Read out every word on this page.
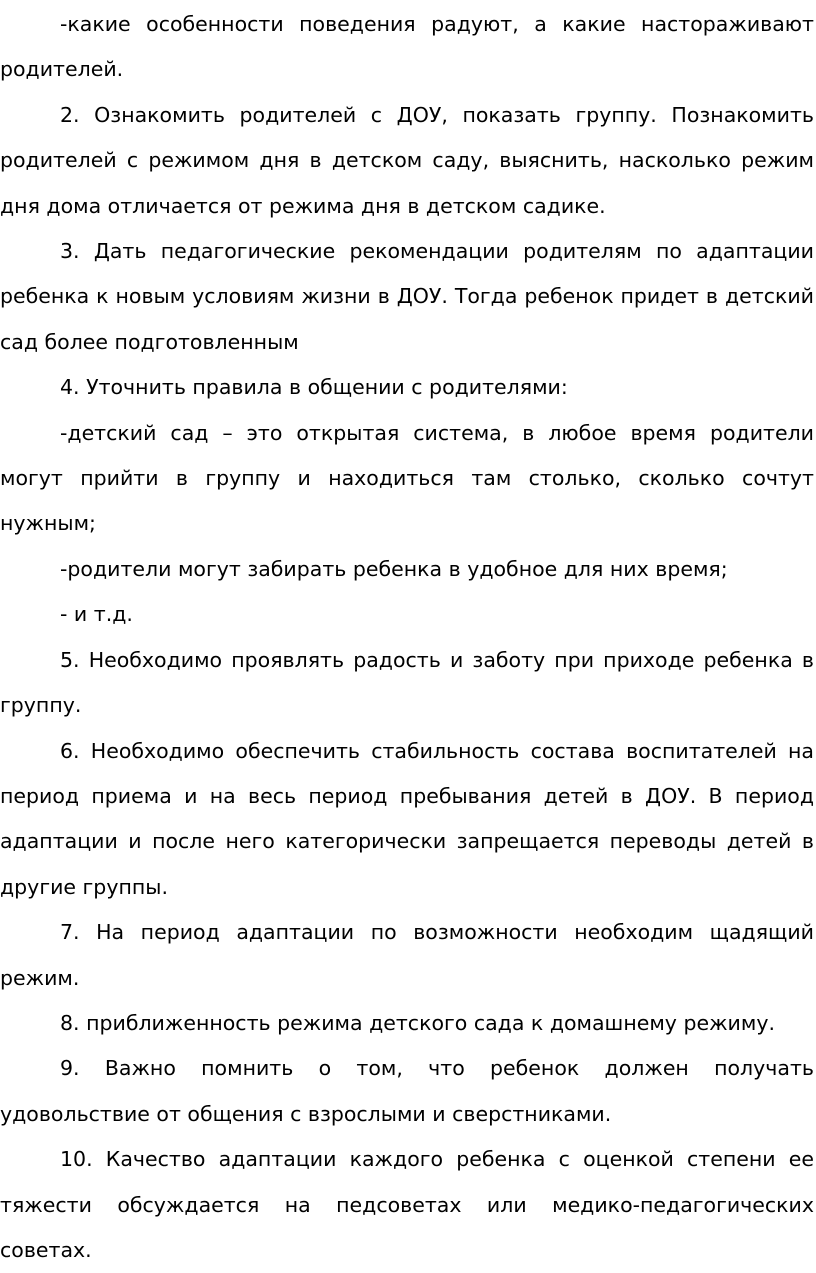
-какие особенности поведения радуют, а какие настораживают родителей.

2. Ознакомить родителей с ДОУ, показать группу. Познакомить родителей с режимом дня в детском саду, выяснить, насколько режим дня дома отличается от режима дня в детском садике.

3. Дать педагогические рекомендации родителям по адаптации ребенка к новым условиям жизни в ДОУ. Тогда ребенок придет в детский сад более подготовленным

4. Уточнить правила в общении с родителями:

-детский сад – это открытая система, в любое время родители могут прийти в группу и находиться там столько, сколько сочтут нужным;

-родители могут забирать ребенка в удобное для них время;

- и т.д.

5. Необходимо проявлять радость и заботу при приходе ребенка в группу.

6. Необходимо обеспечить стабильность состава воспитателей на период приема и на весь период пребывания детей в ДОУ. В период адаптации и после него категорически запрещается переводы детей в другие группы.

7. На период адаптации по возможности необходим щадящий режим.

8. приближенность режима детского сада к домашнему режиму.

9. Важно помнить о том, что ребенок должен получать удовольствие от общения с взрослыми и сверстниками.

10. Качество адаптации каждого ребенка с оценкой степени ее тяжести обсуждается на педсоветах или медико-педагогических советах.
